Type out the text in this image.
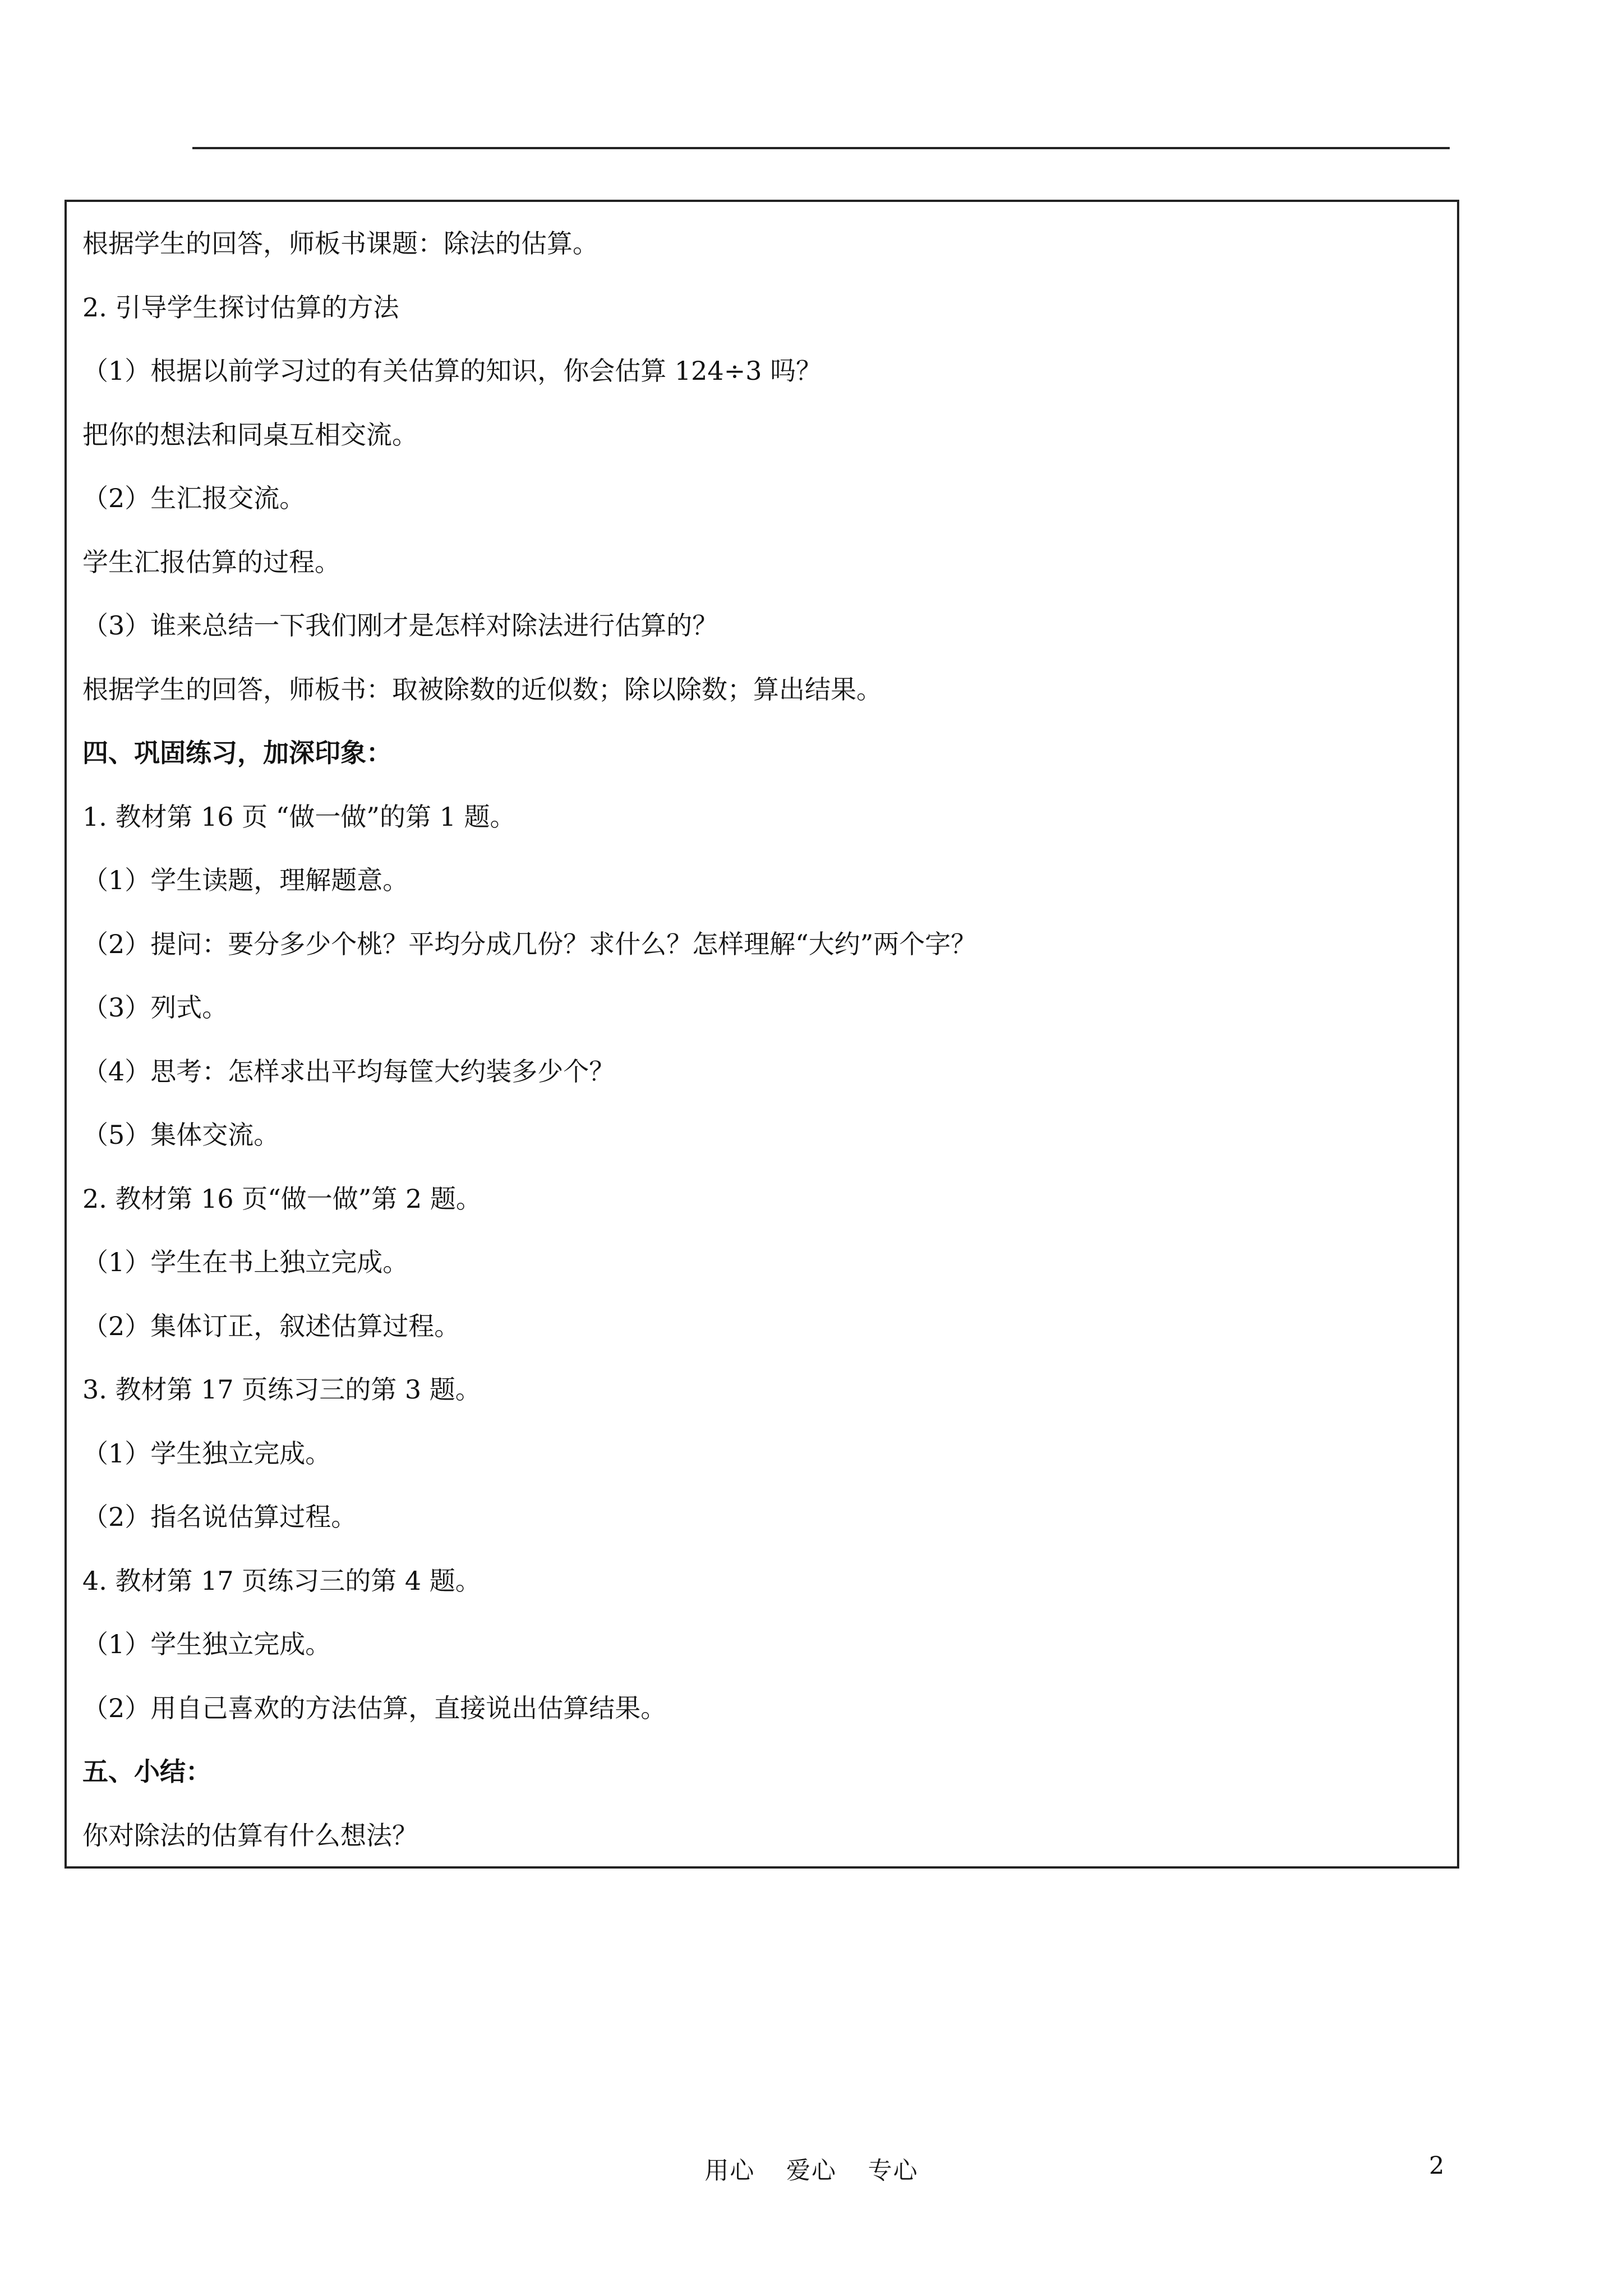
根据学生的回答，师板书课题：除法的估算。
2. 引导学生探讨估算的方法
（1）根据以前学习过的有关估算的知识，你会估算 124÷3 吗？
把你的想法和同桌互相交流。
（2）生汇报交流。
学生汇报估算的过程。
（3）谁来总结一下我们刚才是怎样对除法进行估算的？
根据学生的回答，师板书：取被除数的近似数；除以除数；算出结果。
四、巩固练习，加深印象：
1. 教材第 16 页 “做一做”的第 1 题。
（1）学生读题，理解题意。
（2）提问：要分多少个桃？平均分成几份？求什么？怎样理解“大约”两个字？
（3）列式。
（4）思考：怎样求出平均每筐大约装多少个？
（5）集体交流。
2. 教材第 16 页“做一做”第 2 题。
（1）学生在书上独立完成。
（2）集体订正，叙述估算过程。
3. 教材第 17 页练习三的第 3 题。
（1）学生独立完成。
（2）指名说估算过程。
4. 教材第 17 页练习三的第 4 题。
（1）学生独立完成。
（2）用自己喜欢的方法估算，直接说出估算结果。
五、小结：
你对除法的估算有什么想法？
用心 爱心 专心	2
